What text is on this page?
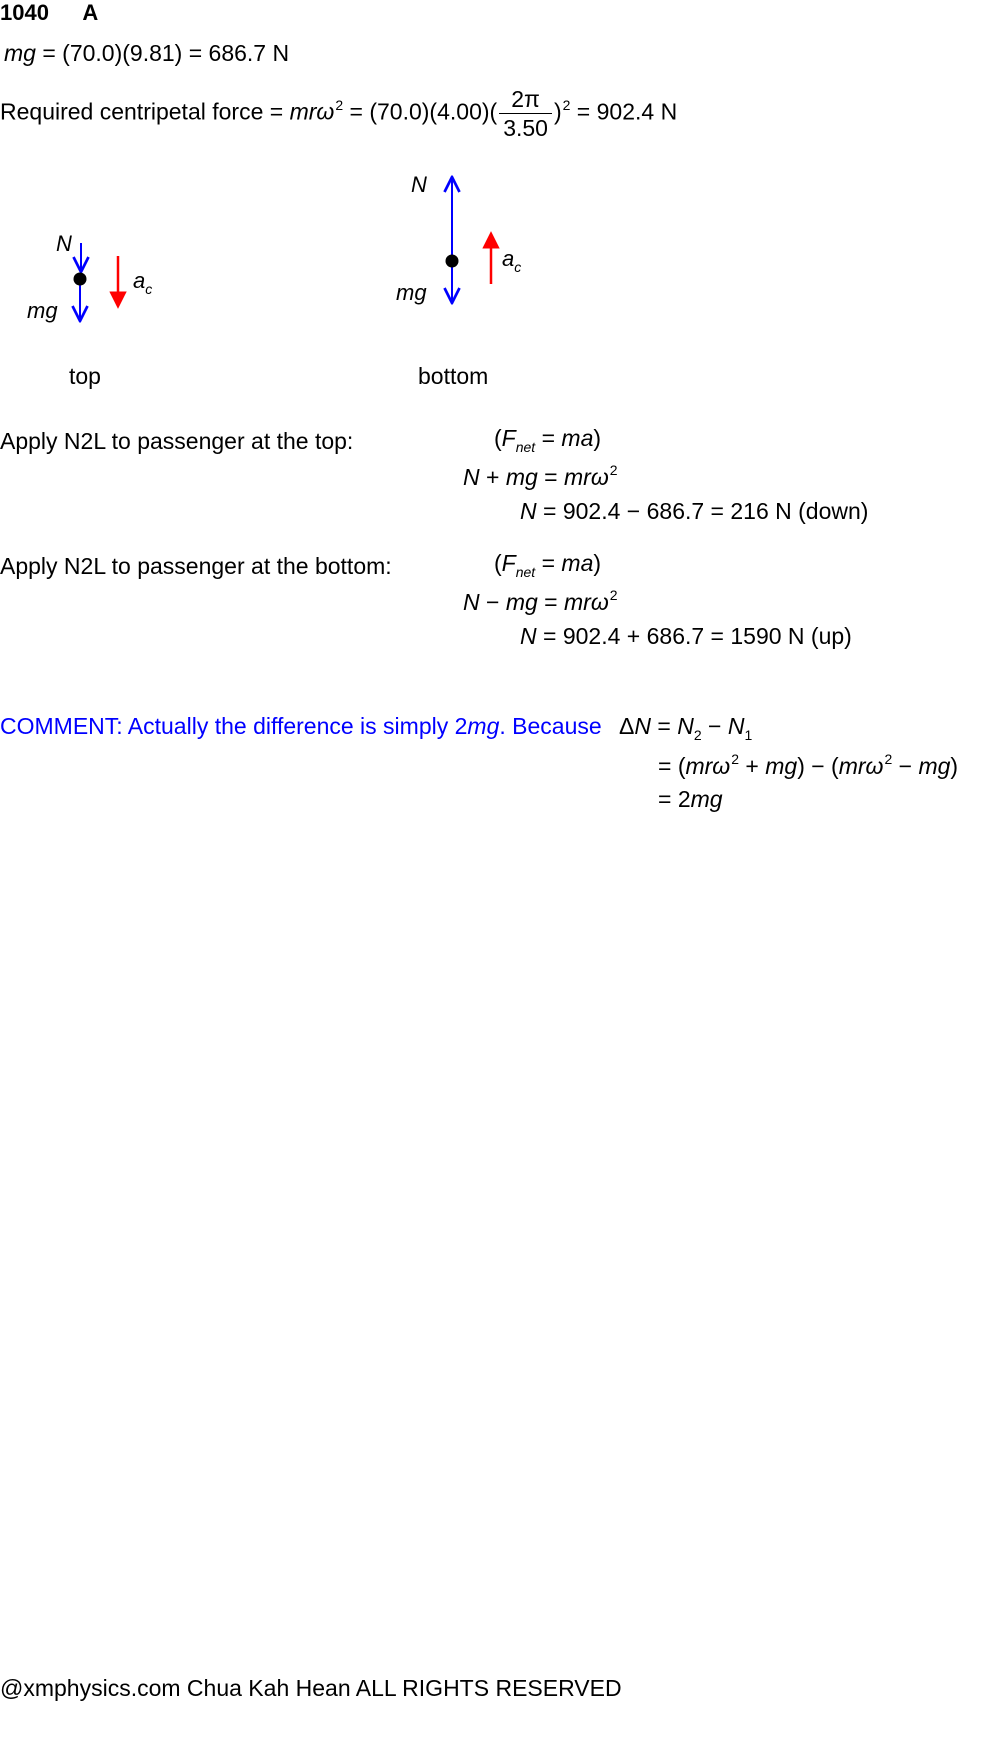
1040 A
mg = (70.0)(9.81) = 686.7 N
Required centripetal force = $mr\omega^2 = (70.0)(4.00)( \frac{2\pi}{3.50} )^2 = 902.4$ N
N
mg
$a_c$
top
N
mg
$a_c$
bottom
Apply N2L to passenger at the top:	$(F_{net} = ma)$
N + mg = mrω$^2$
N = 902.4 − 686.7 = 216 N (down)
Apply N2L to passenger at the bottom:	$(F_{net} = ma)$
N − mg = mrω$^2$
N = 902.4 + 686.7 = 1590 N (up)
COMMENT: Actually the difference is simply 2mg. Because $\Delta N = N_2 - N_1$
= (mrω$^2$ + mg) − (mrω$^2$ − mg)
= 2mg
@xmphysics.com Chua Kah Hean ALL RIGHTS RESERVED
